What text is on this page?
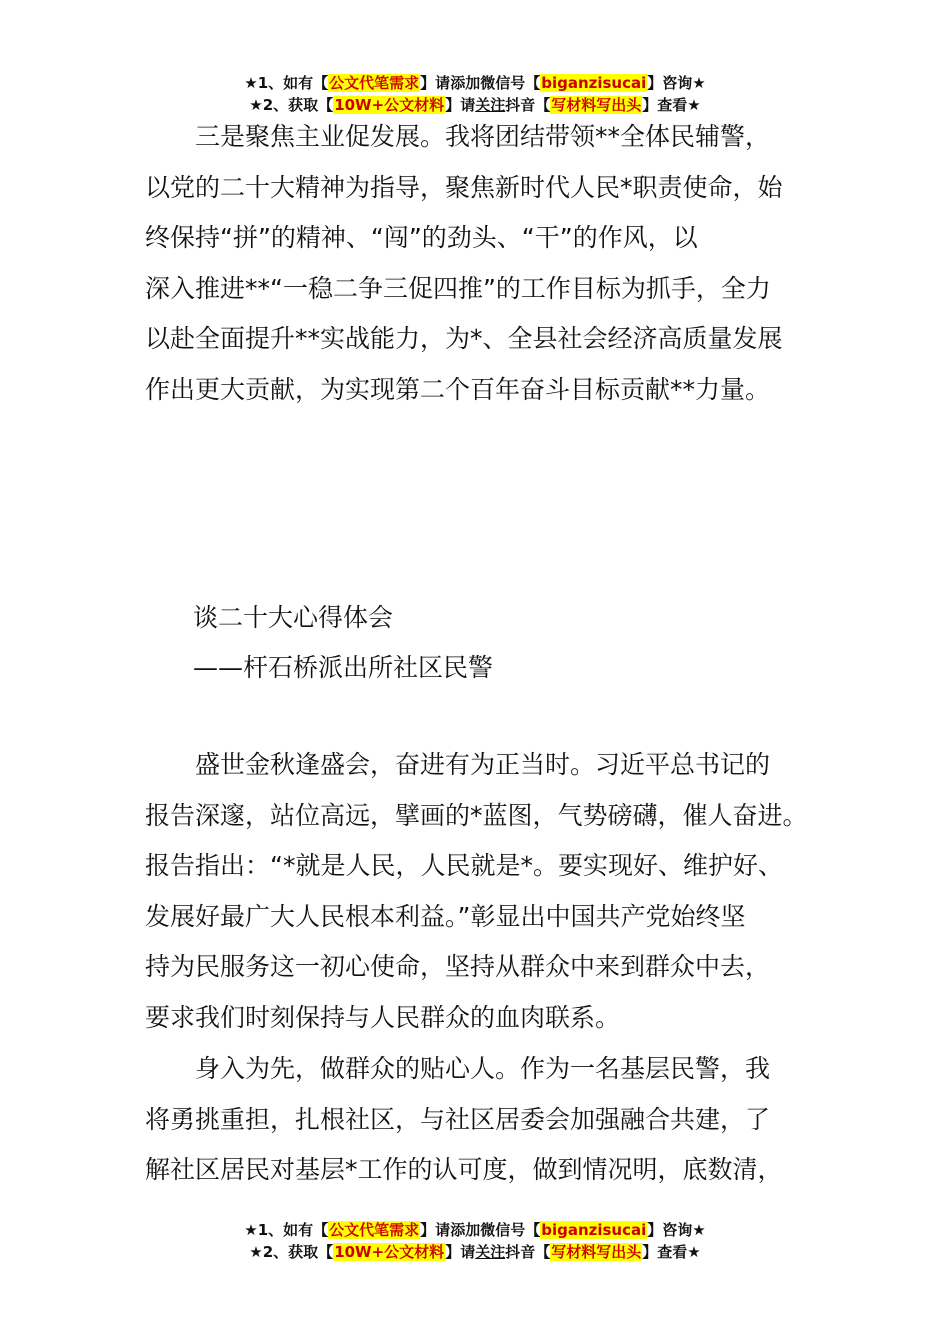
★1、如有【公文代笔需求】请添加微信号【biganzisucai】咨询★
★2、获取【10W+公文材料】请关注抖音【写材料写出头】查看★
　　三是聚焦主业促发展。我将团结带领**全体民辅警，
以党的二十大精神为指导，聚焦新时代人民*职责使命，始
终保持“拼”的精神、“闯”的劲头、“干”的作风，以
深入推进**“一稳二争三促四推”的工作目标为抓手，全力
以赴全面提升**实战能力，为*、全县社会经济高质量发展
作出更大贡献，为实现第二个百年奋斗目标贡献**力量。
谈二十大心得体会
——杆石桥派出所社区民警
　　盛世金秋逢盛会，奋进有为正当时。习近平总书记的
报告深邃，站位高远，擘画的*蓝图，气势磅礴，催人奋进。
报告指出：“*就是人民，人民就是*。要实现好、维护好、
发展好最广大人民根本利益。”彰显出中国共产党始终坚
持为民服务这一初心使命，坚持从群众中来到群众中去，
要求我们时刻保持与人民群众的血肉联系。
　　身入为先，做群众的贴心人。作为一名基层民警，我
将勇挑重担，扎根社区，与社区居委会加强融合共建，了
解社区居民对基层*工作的认可度，做到情况明，底数清，
★1、如有【公文代笔需求】请添加微信号【biganzisucai】咨询★
★2、获取【10W+公文材料】请关注抖音【写材料写出头】查看★
